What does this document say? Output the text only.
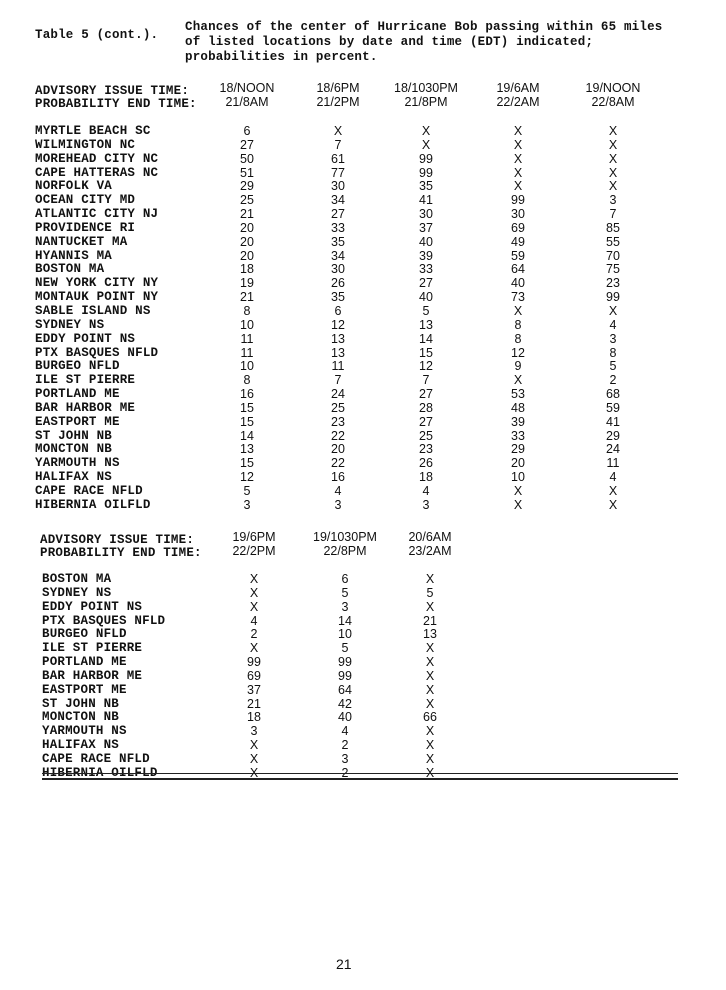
Table 5 (cont.).
Chances of the center of Hurricane Bob passing within 65 miles of listed locations by date and time (EDT) indicated; probabilities in percent.
ADVISORY ISSUE TIME:
PROBABILITY END TIME:
18/NOON
21/8AM
18/6PM
21/2PM
18/1030PM
21/8PM
19/6AM
22/2AM
19/NOON
22/8AM
MYRTLE BEACH SC
WILMINGTON NC
MOREHEAD CITY NC
CAPE HATTERAS NC
NORFOLK VA
OCEAN CITY MD
ATLANTIC CITY NJ
PROVIDENCE RI
NANTUCKET MA
HYANNIS MA
BOSTON MA
NEW YORK CITY NY
MONTAUK POINT NY
SABLE ISLAND NS
SYDNEY NS
EDDY POINT NS
PTX BASQUES NFLD
BURGEO NFLD
ILE ST PIERRE
PORTLAND ME
BAR HARBOR ME
EASTPORT ME
ST JOHN NB
MONCTON NB
YARMOUTH NS
HALIFAX NS
CAPE RACE NFLD
HIBERNIA OILFLD
6
27
50
51
29
25
21
20
20
20
18
19
21
8
10
11
11
10
8
16
15
15
14
13
15
12
5
3
X
7
61
77
30
34
27
33
35
34
30
26
35
6
12
13
13
11
7
24
25
23
22
20
22
16
4
3
X
X
99
99
35
41
30
37
40
39
33
27
40
5
13
14
15
12
7
27
28
27
25
23
26
18
4
3
X
X
X
X
X
99
30
69
49
59
64
40
73
X
8
8
12
9
X
53
48
39
33
29
20
10
X
X
X
X
X
X
X
3
7
85
55
70
75
23
99
X
4
3
8
5
2
68
59
41
29
24
11
4
X
X
ADVISORY ISSUE TIME:
PROBABILITY END TIME:
19/6PM
22/2PM
19/1030PM
22/8PM
20/6AM
23/2AM
BOSTON MA
SYDNEY NS
EDDY POINT NS
PTX BASQUES NFLD
BURGEO NFLD
ILE ST PIERRE
PORTLAND ME
BAR HARBOR ME
EASTPORT ME
ST JOHN NB
MONCTON NB
YARMOUTH NS
HALIFAX NS
CAPE RACE NFLD
HIBERNIA OILFLD
X
X
X
4
2
X
99
69
37
21
18
3
X
X
X
6
5
3
14
10
5
99
99
64
42
40
4
2
3
2
X
5
X
21
13
X
X
X
X
X
66
X
X
X
X
21
